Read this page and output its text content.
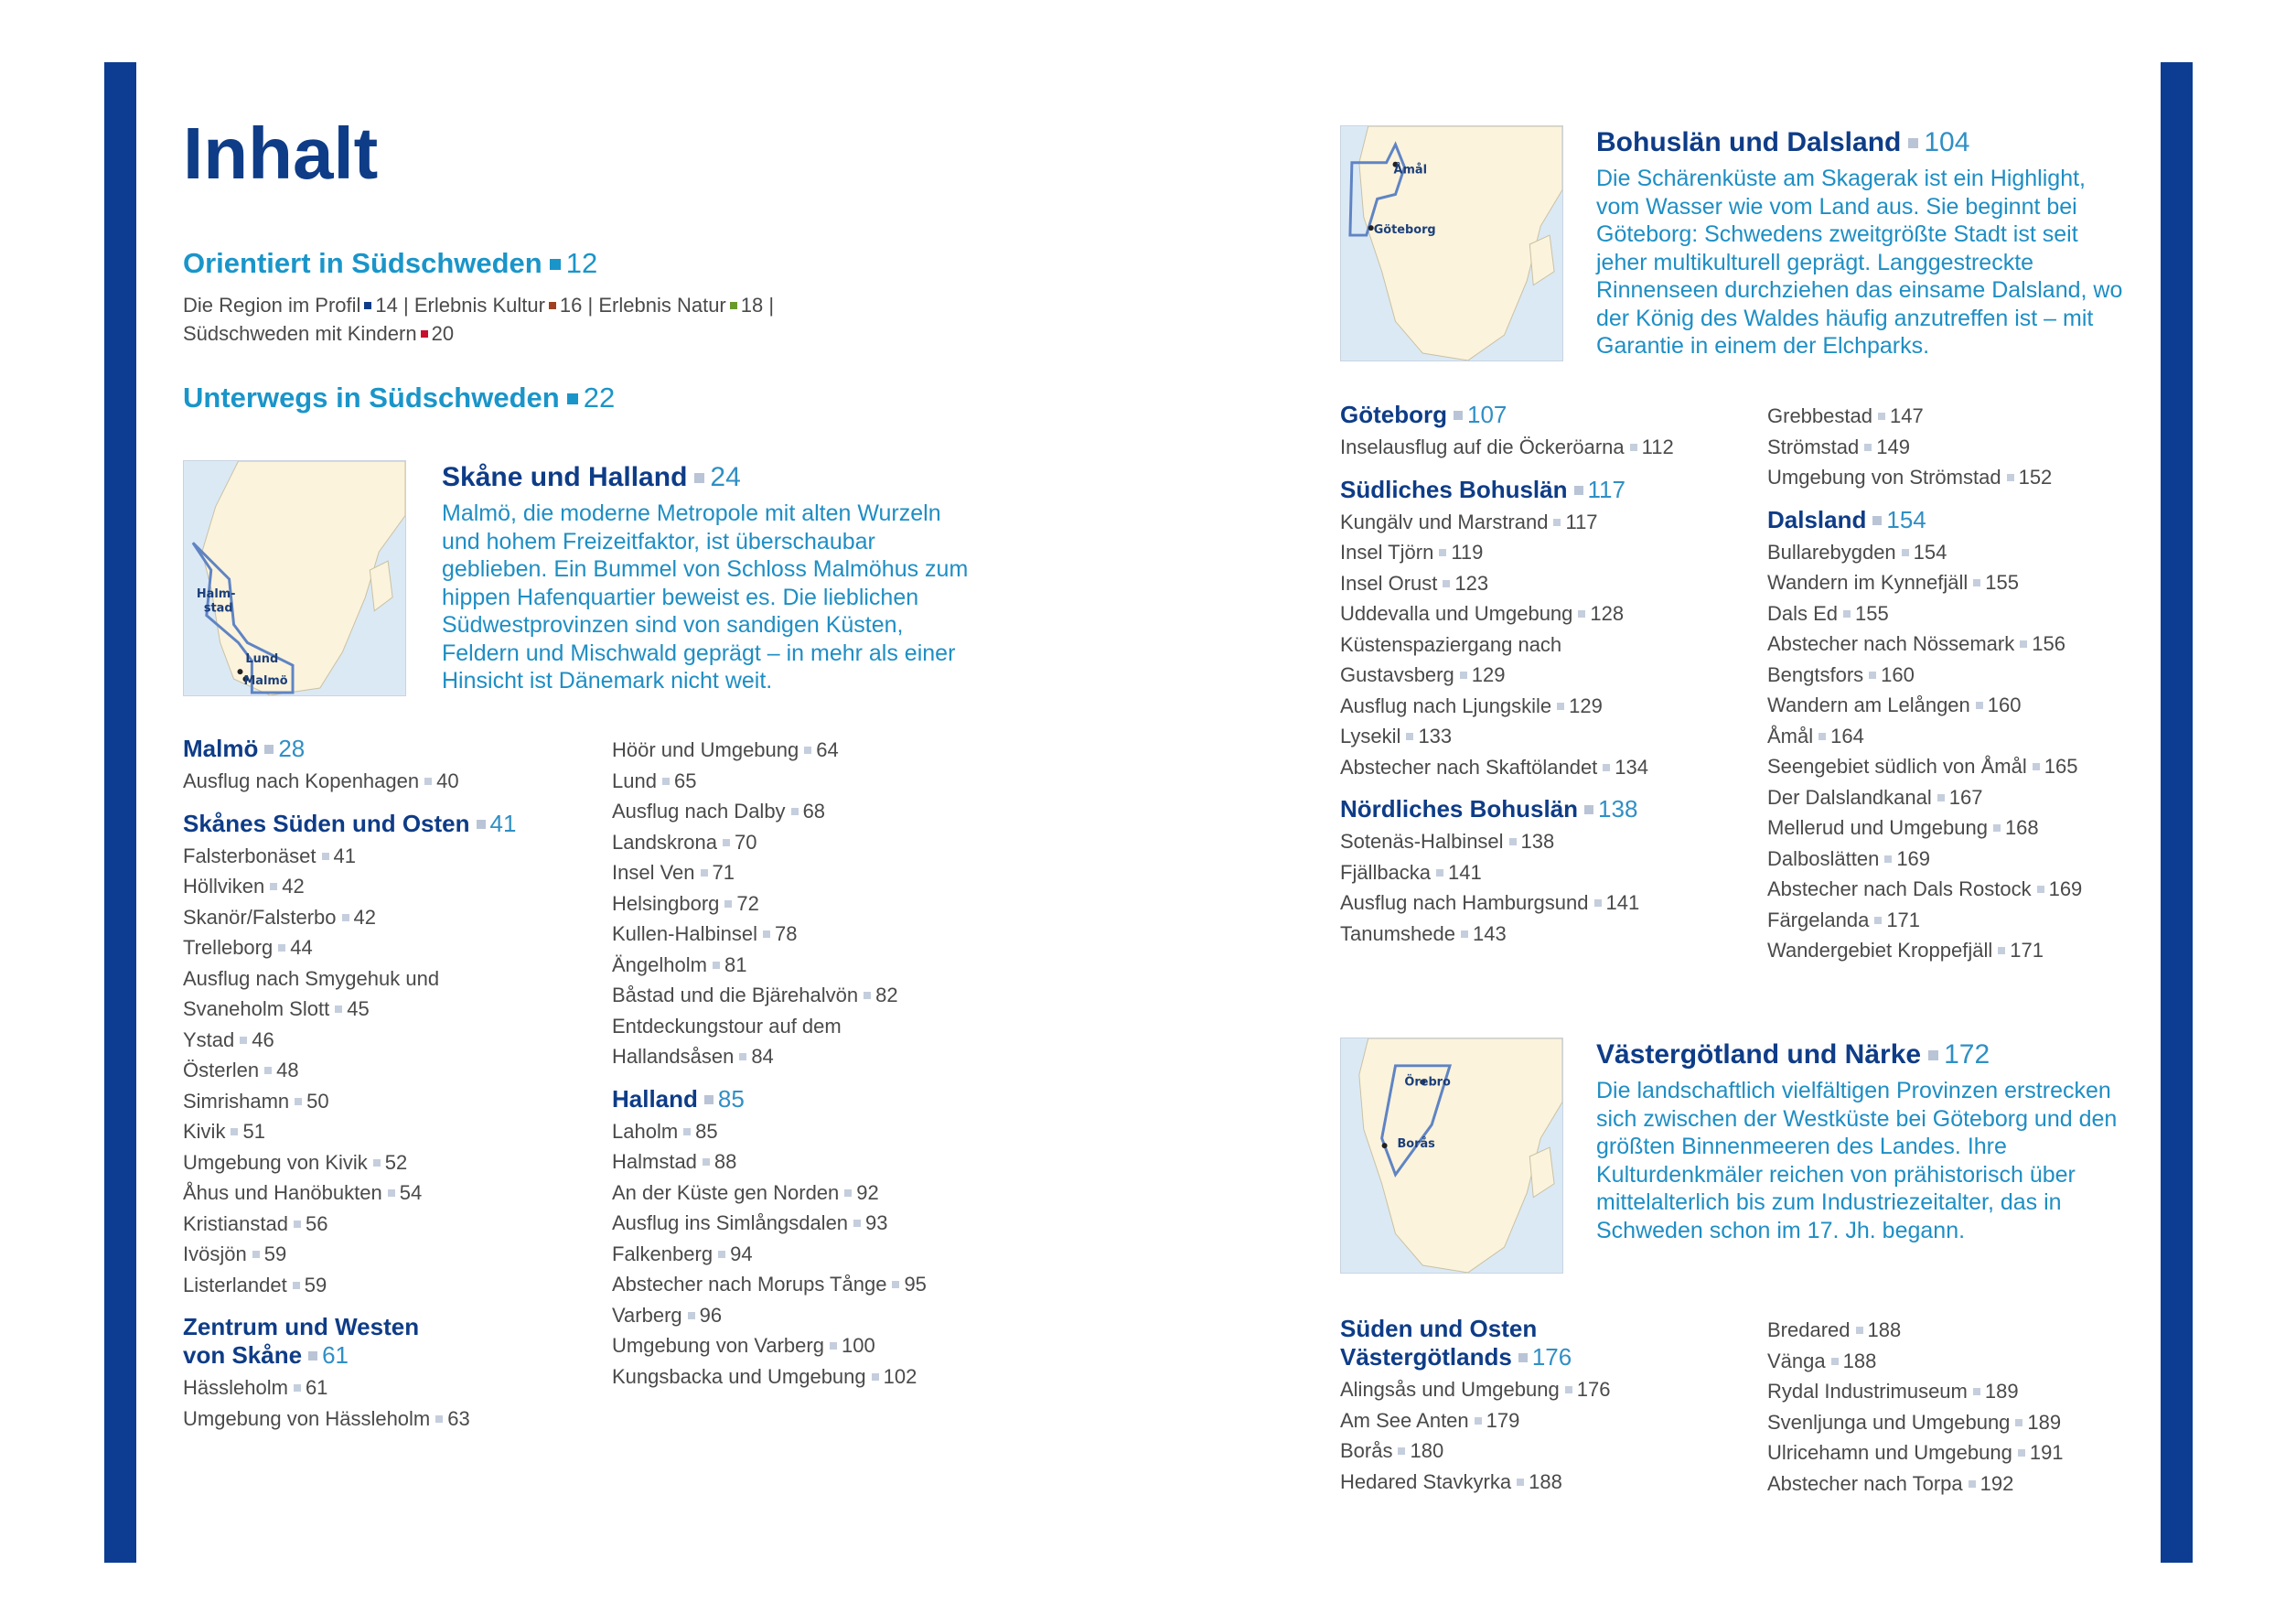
Inhalt
Orientiert in Südschweden 12
Die Region im Profil 14 | Erlebnis Kultur 16 | Erlebnis Natur 18 |
Südschweden mit Kindern 20
Unterwegs in Südschweden 22
Halm-
stad
Lund
Malmö
Skåne und Halland 24

Malmö, die moderne Metropole mit alten Wurzeln und hohem Freizeitfaktor, ist überschaubar geblieben. Ein Bummel von Schloss Malmöhus zum hippen Hafenquartier beweist es. Die lieblichen Südwestprovinzen sind von sandigen Küsten, Feldern und Mischwald geprägt – in mehr als einer Hinsicht ist Dänemark nicht weit.

Malmö 28
Ausflug nach Kopenhagen 40
Skånes Süden und Osten 41
Falsterbonäset 41
Höllviken 42
Skanör/Falsterbo 42
Trelleborg 44
Ausflug nach Smygehuk und
Svaneholm Slott 45
Ystad 46
Österlen 48
Simrishamn 50
Kivik 51
Umgebung von Kivik 52
Åhus und Hanöbukten 54
Kristianstad 56
Ivösjön 59
Listerlandet 59
Zentrum und Westen
von Skåne 61
Hässleholm 61
Umgebung von Hässleholm 63
Höör und Umgebung 64
Lund 65
Ausflug nach Dalby 68
Landskrona 70
Insel Ven 71
Helsingborg 72
Kullen-Halbinsel 78
Ängelholm 81
Båstad und die Bjärehalvön 82
Entdeckungstour auf dem
Hallandsåsen 84
Halland 85
Laholm 85
Halmstad 88
An der Küste gen Norden 92
Ausflug ins Simlångsdalen 93
Falkenberg 94
Abstecher nach Morups Tånge 95
Varberg 96
Umgebung von Varberg 100
Kungsbacka und Umgebung 102
Åmål
Göteborg
Bohuslän und Dalsland 104

Die Schärenküste am Skagerak ist ein Highlight, vom Wasser wie vom Land aus. Sie beginnt bei Göteborg: Schwedens zweitgrößte Stadt ist seit jeher multikulturell geprägt. Langgestreckte Rinnenseen durchziehen das einsame Dalsland, wo der König des Waldes häufig anzutreffen ist – mit Garantie in einem der Elchparks.

Göteborg 107
Inselausflug auf die Öckeröarna 112
Südliches Bohuslän 117
Kungälv und Marstrand 117
Insel Tjörn 119
Insel Orust 123
Uddevalla und Umgebung 128
Küstenspaziergang nach
Gustavsberg 129
Ausflug nach Ljungskile 129
Lysekil 133
Abstecher nach Skaftölandet 134
Nördliches Bohuslän 138
Sotenäs-Halbinsel 138
Fjällbacka 141
Ausflug nach Hamburgsund 141
Tanumshede 143
Grebbestad 147
Strömstad 149
Umgebung von Strömstad 152
Dalsland 154
Bullarebygden 154
Wandern im Kynnefjäll 155
Dals Ed 155
Abstecher nach Nössemark 156
Bengtsfors 160
Wandern am Lelången 160
Åmål 164
Seengebiet südlich von Åmål 165
Der Dalslandkanal 167
Mellerud und Umgebung 168
Dalboslätten 169
Abstecher nach Dals Rostock 169
Färgelanda 171
Wandergebiet Kroppefjäll 171
Örebro
Borås
Västergötland und Närke 172

Die landschaftlich vielfältigen Provinzen erstrecken sich zwischen der Westküste bei Göteborg und den größten Binnenmeeren des Landes. Ihre Kulturdenkmäler reichen von prähistorisch über mittelalterlich bis zum Industriezeitalter, das in Schweden schon im 17. Jh. begann.

Süden und Osten
Västergötlands 176
Alingsås und Umgebung 176
Am See Anten 179
Borås 180
Hedared Stavkyrka 188
Bredared 188
Vänga 188
Rydal Industrimuseum 189
Svenljunga und Umgebung 189
Ulricehamn und Umgebung 191
Abstecher nach Torpa 192
